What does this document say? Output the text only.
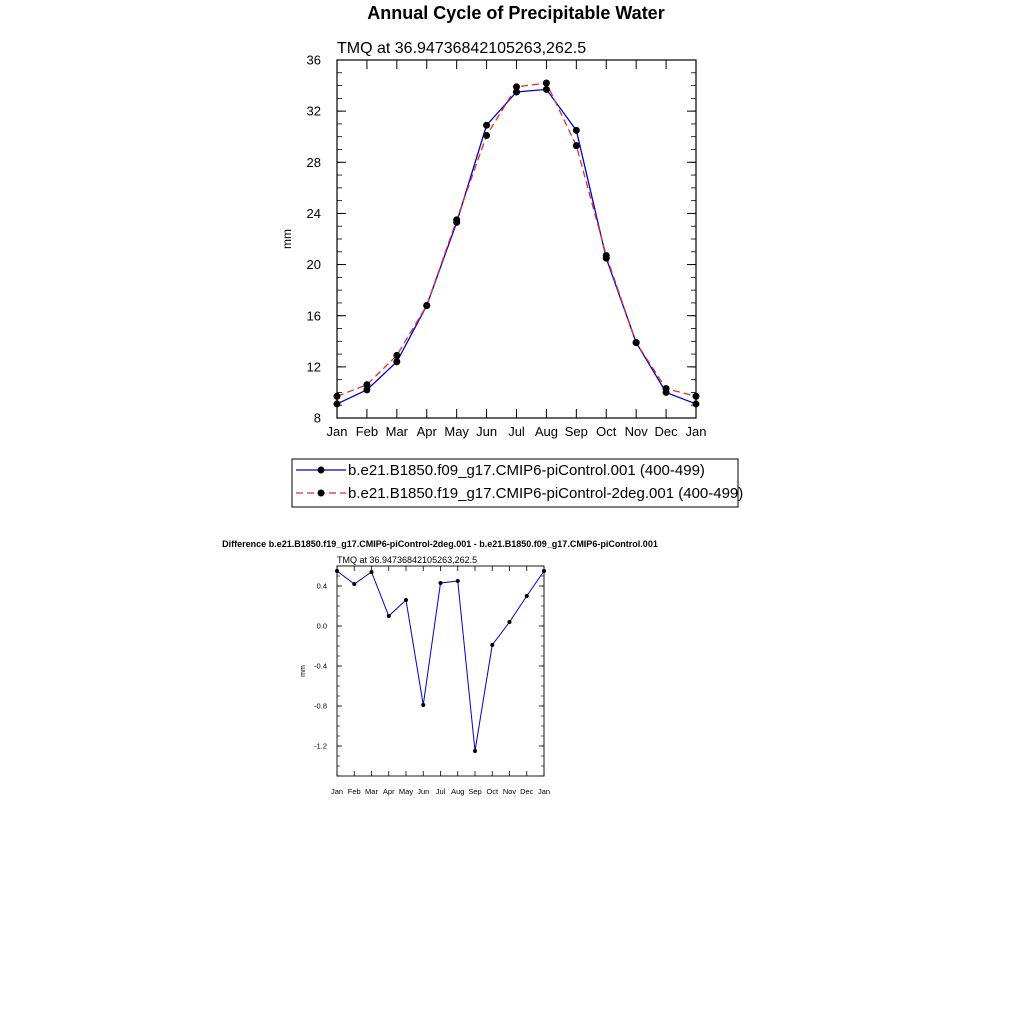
Annual Cycle of Precipitable Water
TMQ at 36.94736842105263,262.5
Jan Feb Mar Apr May Jun Jul Aug Sep Oct Nov Dec Jan
8
12
16
20
24
28
32
36
mm
b.e21.B1850.f09_g17.CMIP6-piControl.001 (400-499)
b.e21.B1850.f19_g17.CMIP6-piControl-2deg.001 (400-499)
Difference b.e21.B1850.f19_g17.CMIP6-piControl-2deg.001 - b.e21.B1850.f09_g17.CMIP6-piControl.001
TMQ at 36.94736842105263,262.5
Jan Feb Mar Apr May Jun Jul Aug Sep Oct Nov Dec Jan
-1.2
-0.8
-0.4
0.0
0.4
mm
